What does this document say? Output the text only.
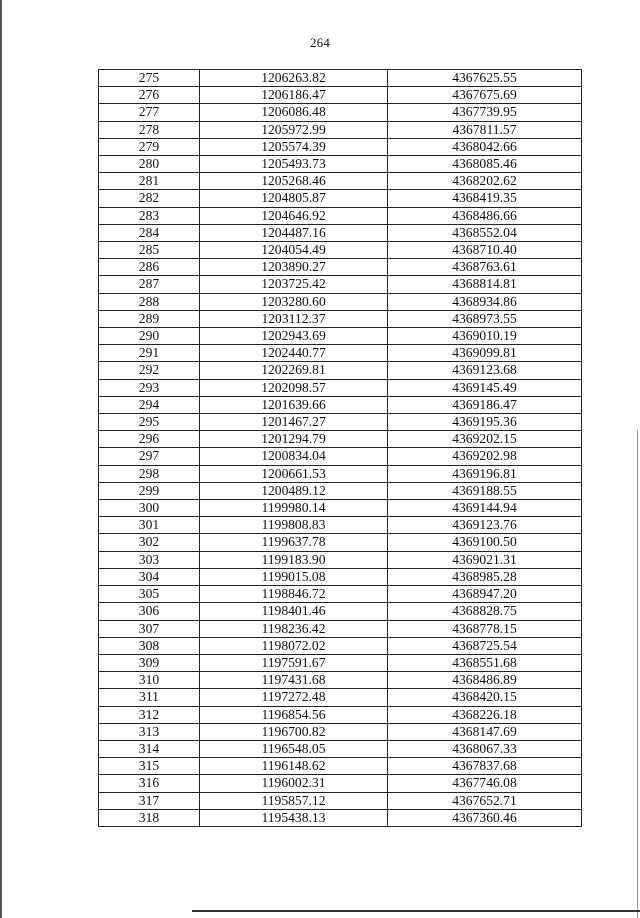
264
275	1206263.82	4367625.55
276	1206186.47	4367675.69
277	1206086.48	4367739.95
278	1205972.99	4367811.57
279	1205574.39	4368042.66
280	1205493.73	4368085.46
281	1205268.46	4368202.62
282	1204805.87	4368419.35
283	1204646.92	4368486.66
284	1204487.16	4368552.04
285	1204054.49	4368710.40
286	1203890.27	4368763.61
287	1203725.42	4368814.81
288	1203280.60	4368934.86
289	1203112.37	4368973.55
290	1202943.69	4369010.19
291	1202440.77	4369099.81
292	1202269.81	4369123.68
293	1202098.57	4369145.49
294	1201639.66	4369186.47
295	1201467.27	4369195.36
296	1201294.79	4369202.15
297	1200834.04	4369202.98
298	1200661.53	4369196.81
299	1200489.12	4369188.55
300	1199980.14	4369144.94
301	1199808.83	4369123.76
302	1199637.78	4369100.50
303	1199183.90	4369021.31
304	1199015.08	4368985.28
305	1198846.72	4368947.20
306	1198401.46	4368828.75
307	1198236.42	4368778.15
308	1198072.02	4368725.54
309	1197591.67	4368551.68
310	1197431.68	4368486.89
311	1197272.48	4368420.15
312	1196854.56	4368226.18
313	1196700.82	4368147.69
314	1196548.05	4368067.33
315	1196148.62	4367837.68
316	1196002.31	4367746.08
317	1195857.12	4367652.71
318	1195438.13	4367360.46
